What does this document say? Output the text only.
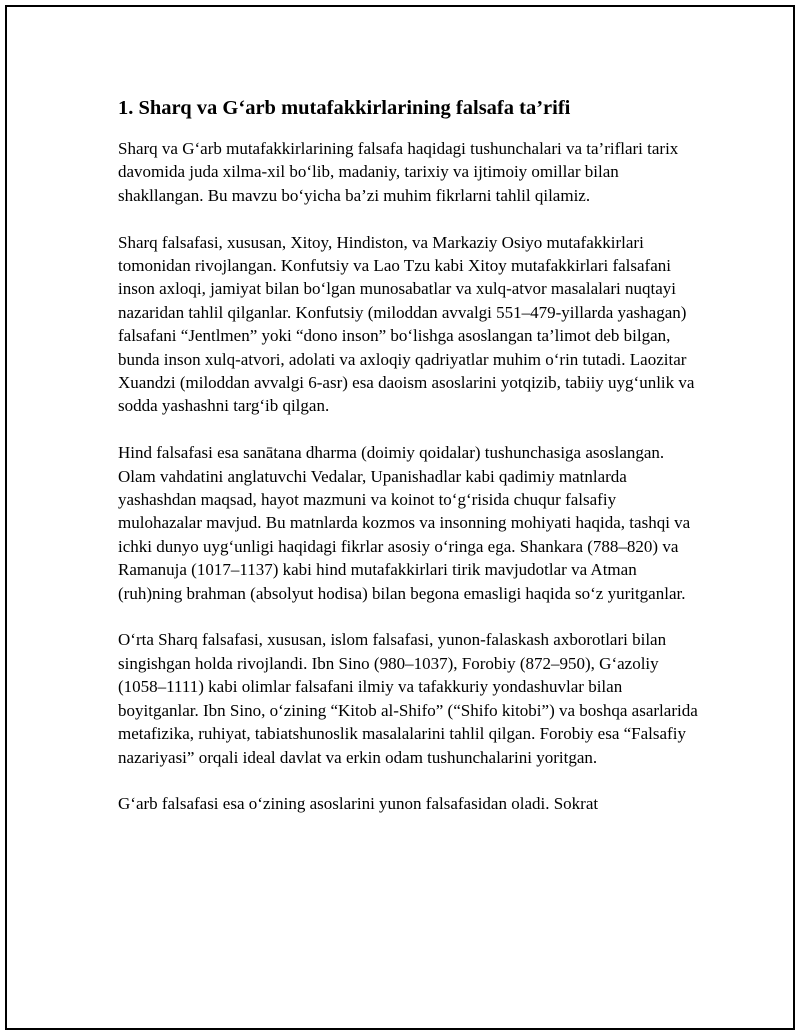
1. Sharq va G‘arb mutafakkirlarining falsafa ta’rifi

Sharq va G‘arb mutafakkirlarining falsafa haqidagi tushunchalari va ta’riflari tarix davomida juda xilma-xil bo‘lib, madaniy, tarixiy va ijtimoiy omillar bilan shakllangan. Bu mavzu bo‘yicha ba’zi muhim fikrlarni tahlil qilamiz.

Sharq falsafasi, xususan, Xitoy, Hindiston, va Markaziy Osiyo mutafakkirlari tomonidan rivojlangan. Konfutsiy va Lao Tzu kabi Xitoy mutafakkirlari falsafani inson axloqi, jamiyat bilan bo‘lgan munosabatlar va xulq-atvor masalalari nuqtayi nazaridan tahlil qilganlar. Konfutsiy (miloddan avvalgi 551–479-yillarda yashagan) falsafani “Jentlmen” yoki “dono inson” bo‘lishga asoslangan ta’limot deb bilgan, bunda inson xulq-atvori, adolati va axloqiy qadriyatlar muhim o‘rin tutadi. Laozitar Xuandzi (miloddan avvalgi 6-asr) esa daoism asoslarini yotqizib, tabiiy uyg‘unlik va sodda yashashni targ‘ib qilgan.

Hind falsafasi esa sanātana dharma (doimiy qoidalar) tushunchasiga asoslangan. Olam vahdatini anglatuvchi Vedalar, Upanishadlar kabi qadimiy matnlarda yashashdan maqsad, hayot mazmuni va koinot to‘g‘risida chuqur falsafiy mulohazalar mavjud. Bu matnlarda kozmos va insonning mohiyati haqida, tashqi va ichki dunyo uyg‘unligi haqidagi fikrlar asosiy o‘ringa ega. Shankara (788–820) va Ramanuja (1017–1137) kabi hind mutafakkirlari tirik mavjudotlar va Atman (ruh)ning brahman (absolyut hodisa) bilan begona emasligi haqida so‘z yuritganlar.

O‘rta Sharq falsafasi, xususan, islom falsafasi, yunon-falaskash axborotlari bilan singishgan holda rivojlandi. Ibn Sino (980–1037), Forobiy (872–950), G‘azoliy (1058–1111) kabi olimlar falsafani ilmiy va tafakkuriy yondashuvlar bilan boyitganlar. Ibn Sino, o‘zining “Kitob al-Shifo” (“Shifo kitobi”) va boshqa asarlarida metafizika, ruhiyat, tabiatshunoslik masalalarini tahlil qilgan. Forobiy esa “Falsafiy nazariyasi” orqali ideal davlat va erkin odam tushunchalarini yoritgan.

G‘arb falsafasi esa o‘zining asoslarini yunon falsafasidan oladi. Sokrat
